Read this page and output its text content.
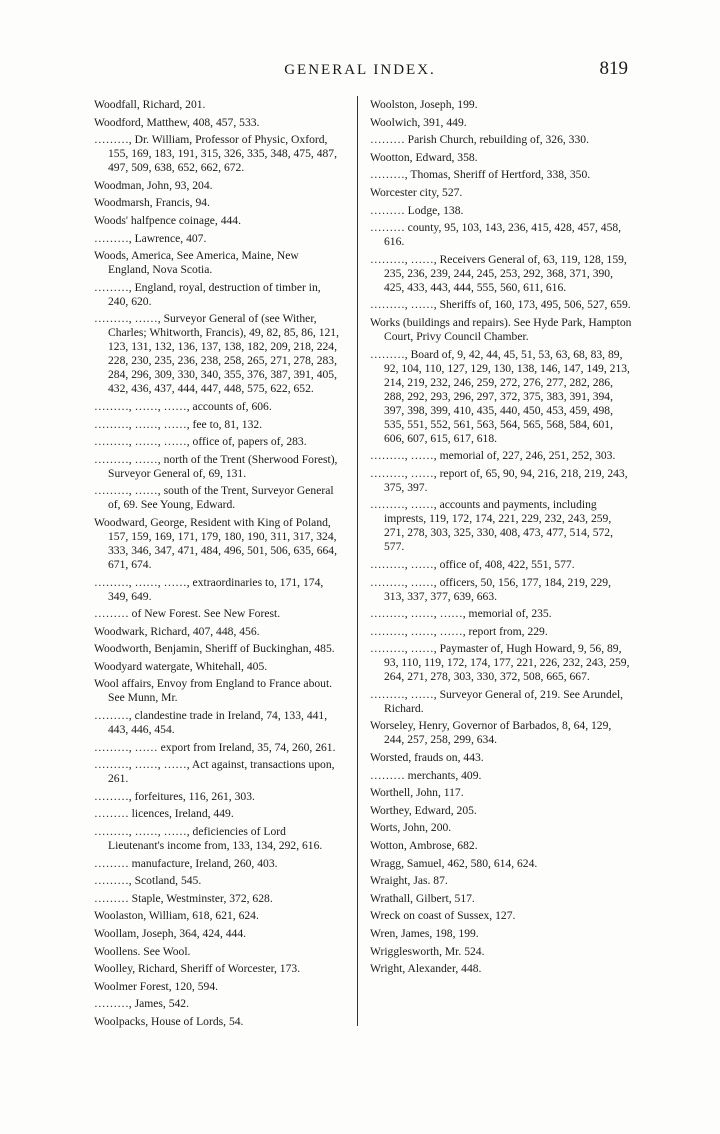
GENERAL INDEX.	819
Woodfall, Richard, 201.
Woodford, Matthew, 408, 457, 533.
………, Dr. William, Professor of Physic, Oxford, 155, 169, 183, 191, 315, 326, 335, 348, 475, 487, 497, 509, 638, 652, 662, 672.
Woodman, John, 93, 204.
Woodmarsh, Francis, 94.
Woods' halfpence coinage, 444.
………, Lawrence, 407.
Woods, America, See America, Maine, New England, Nova Scotia.
………, England, royal, destruction of timber in, 240, 620.
………, ……, Surveyor General of (see Wither, Charles; Whitworth, Francis), 49, 82, 85, 86, 121, 123, 131, 132, 136, 137, 138, 182, 209, 218, 224, 228, 230, 235, 236, 238, 258, 265, 271, 278, 283, 284, 296, 309, 330, 340, 355, 376, 387, 391, 405, 432, 436, 437, 444, 447, 448, 575, 622, 652.
………, ……, ……, accounts of, 606.
………, ……, ……, fee to, 81, 132.
………, ……, ……, office of, papers of, 283.
………, ……, north of the Trent (Sherwood Forest), Surveyor General of, 69, 131.
………, ……, south of the Trent, Surveyor General of, 69. See Young, Edward.
Woodward, George, Resident with King of Poland, 157, 159, 169, 171, 179, 180, 190, 311, 317, 324, 333, 346, 347, 471, 484, 496, 501, 506, 635, 664, 671, 674.
………, ……, ……, extraordinaries to, 171, 174, 349, 649.
……… of New Forest. See New Forest.
Woodwark, Richard, 407, 448, 456.
Woodworth, Benjamin, Sheriff of Buckinghan, 485.
Woodyard watergate, Whitehall, 405.
Wool affairs, Envoy from England to France about. See Munn, Mr.
………, clandestine trade in Ireland, 74, 133, 441, 443, 446, 454.
………, …… export from Ireland, 35, 74, 260, 261.
………, ……, ……, Act against, transactions upon, 261.
………, forfeitures, 116, 261, 303.
……… licences, Ireland, 449.
………, ……, ……, deficiencies of Lord Lieutenant's income from, 133, 134, 292, 616.
……… manufacture, Ireland, 260, 403.
………, Scotland, 545.
……… Staple, Westminster, 372, 628.
Woolaston, William, 618, 621, 624.
Woollam, Joseph, 364, 424, 444.
Woollens. See Wool.
Woolley, Richard, Sheriff of Worcester, 173.
Woolmer Forest, 120, 594.
………, James, 542.
Woolpacks, House of Lords, 54.
Woolston, Joseph, 199.
Woolwich, 391, 449.
……… Parish Church, rebuilding of, 326, 330.
Wootton, Edward, 358.
………, Thomas, Sheriff of Hertford, 338, 350.
Worcester city, 527.
……… Lodge, 138.
……… county, 95, 103, 143, 236, 415, 428, 457, 458, 616.
………, ……, Receivers General of, 63, 119, 128, 159, 235, 236, 239, 244, 245, 253, 292, 368, 371, 390, 425, 433, 443, 444, 555, 560, 611, 616.
………, ……, Sheriffs of, 160, 173, 495, 506, 527, 659.
Works (buildings and repairs). See Hyde Park, Hampton Court, Privy Council Chamber.
………, Board of, 9, 42, 44, 45, 51, 53, 63, 68, 83, 89, 92, 104, 110, 127, 129, 130, 138, 146, 147, 149, 213, 214, 219, 232, 246, 259, 272, 276, 277, 282, 286, 288, 292, 293, 296, 297, 372, 375, 383, 391, 394, 397, 398, 399, 410, 435, 440, 450, 453, 459, 498, 535, 551, 552, 561, 563, 564, 565, 568, 584, 601, 606, 607, 615, 617, 618.
………, ……, memorial of, 227, 246, 251, 252, 303.
………, ……, report of, 65, 90, 94, 216, 218, 219, 243, 375, 397.
………, ……, accounts and payments, including imprests, 119, 172, 174, 221, 229, 232, 243, 259, 271, 278, 303, 325, 330, 408, 473, 477, 514, 572, 577.
………, ……, office of, 408, 422, 551, 577.
………, ……, officers, 50, 156, 177, 184, 219, 229, 313, 337, 377, 639, 663.
………, ……, ……, memorial of, 235.
………, ……, ……, report from, 229.
………, ……, Paymaster of, Hugh Howard, 9, 56, 89, 93, 110, 119, 172, 174, 177, 221, 226, 232, 243, 259, 264, 271, 278, 303, 330, 372, 508, 665, 667.
………, ……, Surveyor General of, 219. See Arundel, Richard.
Worseley, Henry, Governor of Barbados, 8, 64, 129, 244, 257, 258, 299, 634.
Worsted, frauds on, 443.
……… merchants, 409.
Worthell, John, 117.
Worthey, Edward, 205.
Worts, John, 200.
Wotton, Ambrose, 682.
Wragg, Samuel, 462, 580, 614, 624.
Wraight, Jas. 87.
Wrathall, Gilbert, 517.
Wreck on coast of Sussex, 127.
Wren, James, 198, 199.
Wrigglesworth, Mr. 524.
Wright, Alexander, 448.
